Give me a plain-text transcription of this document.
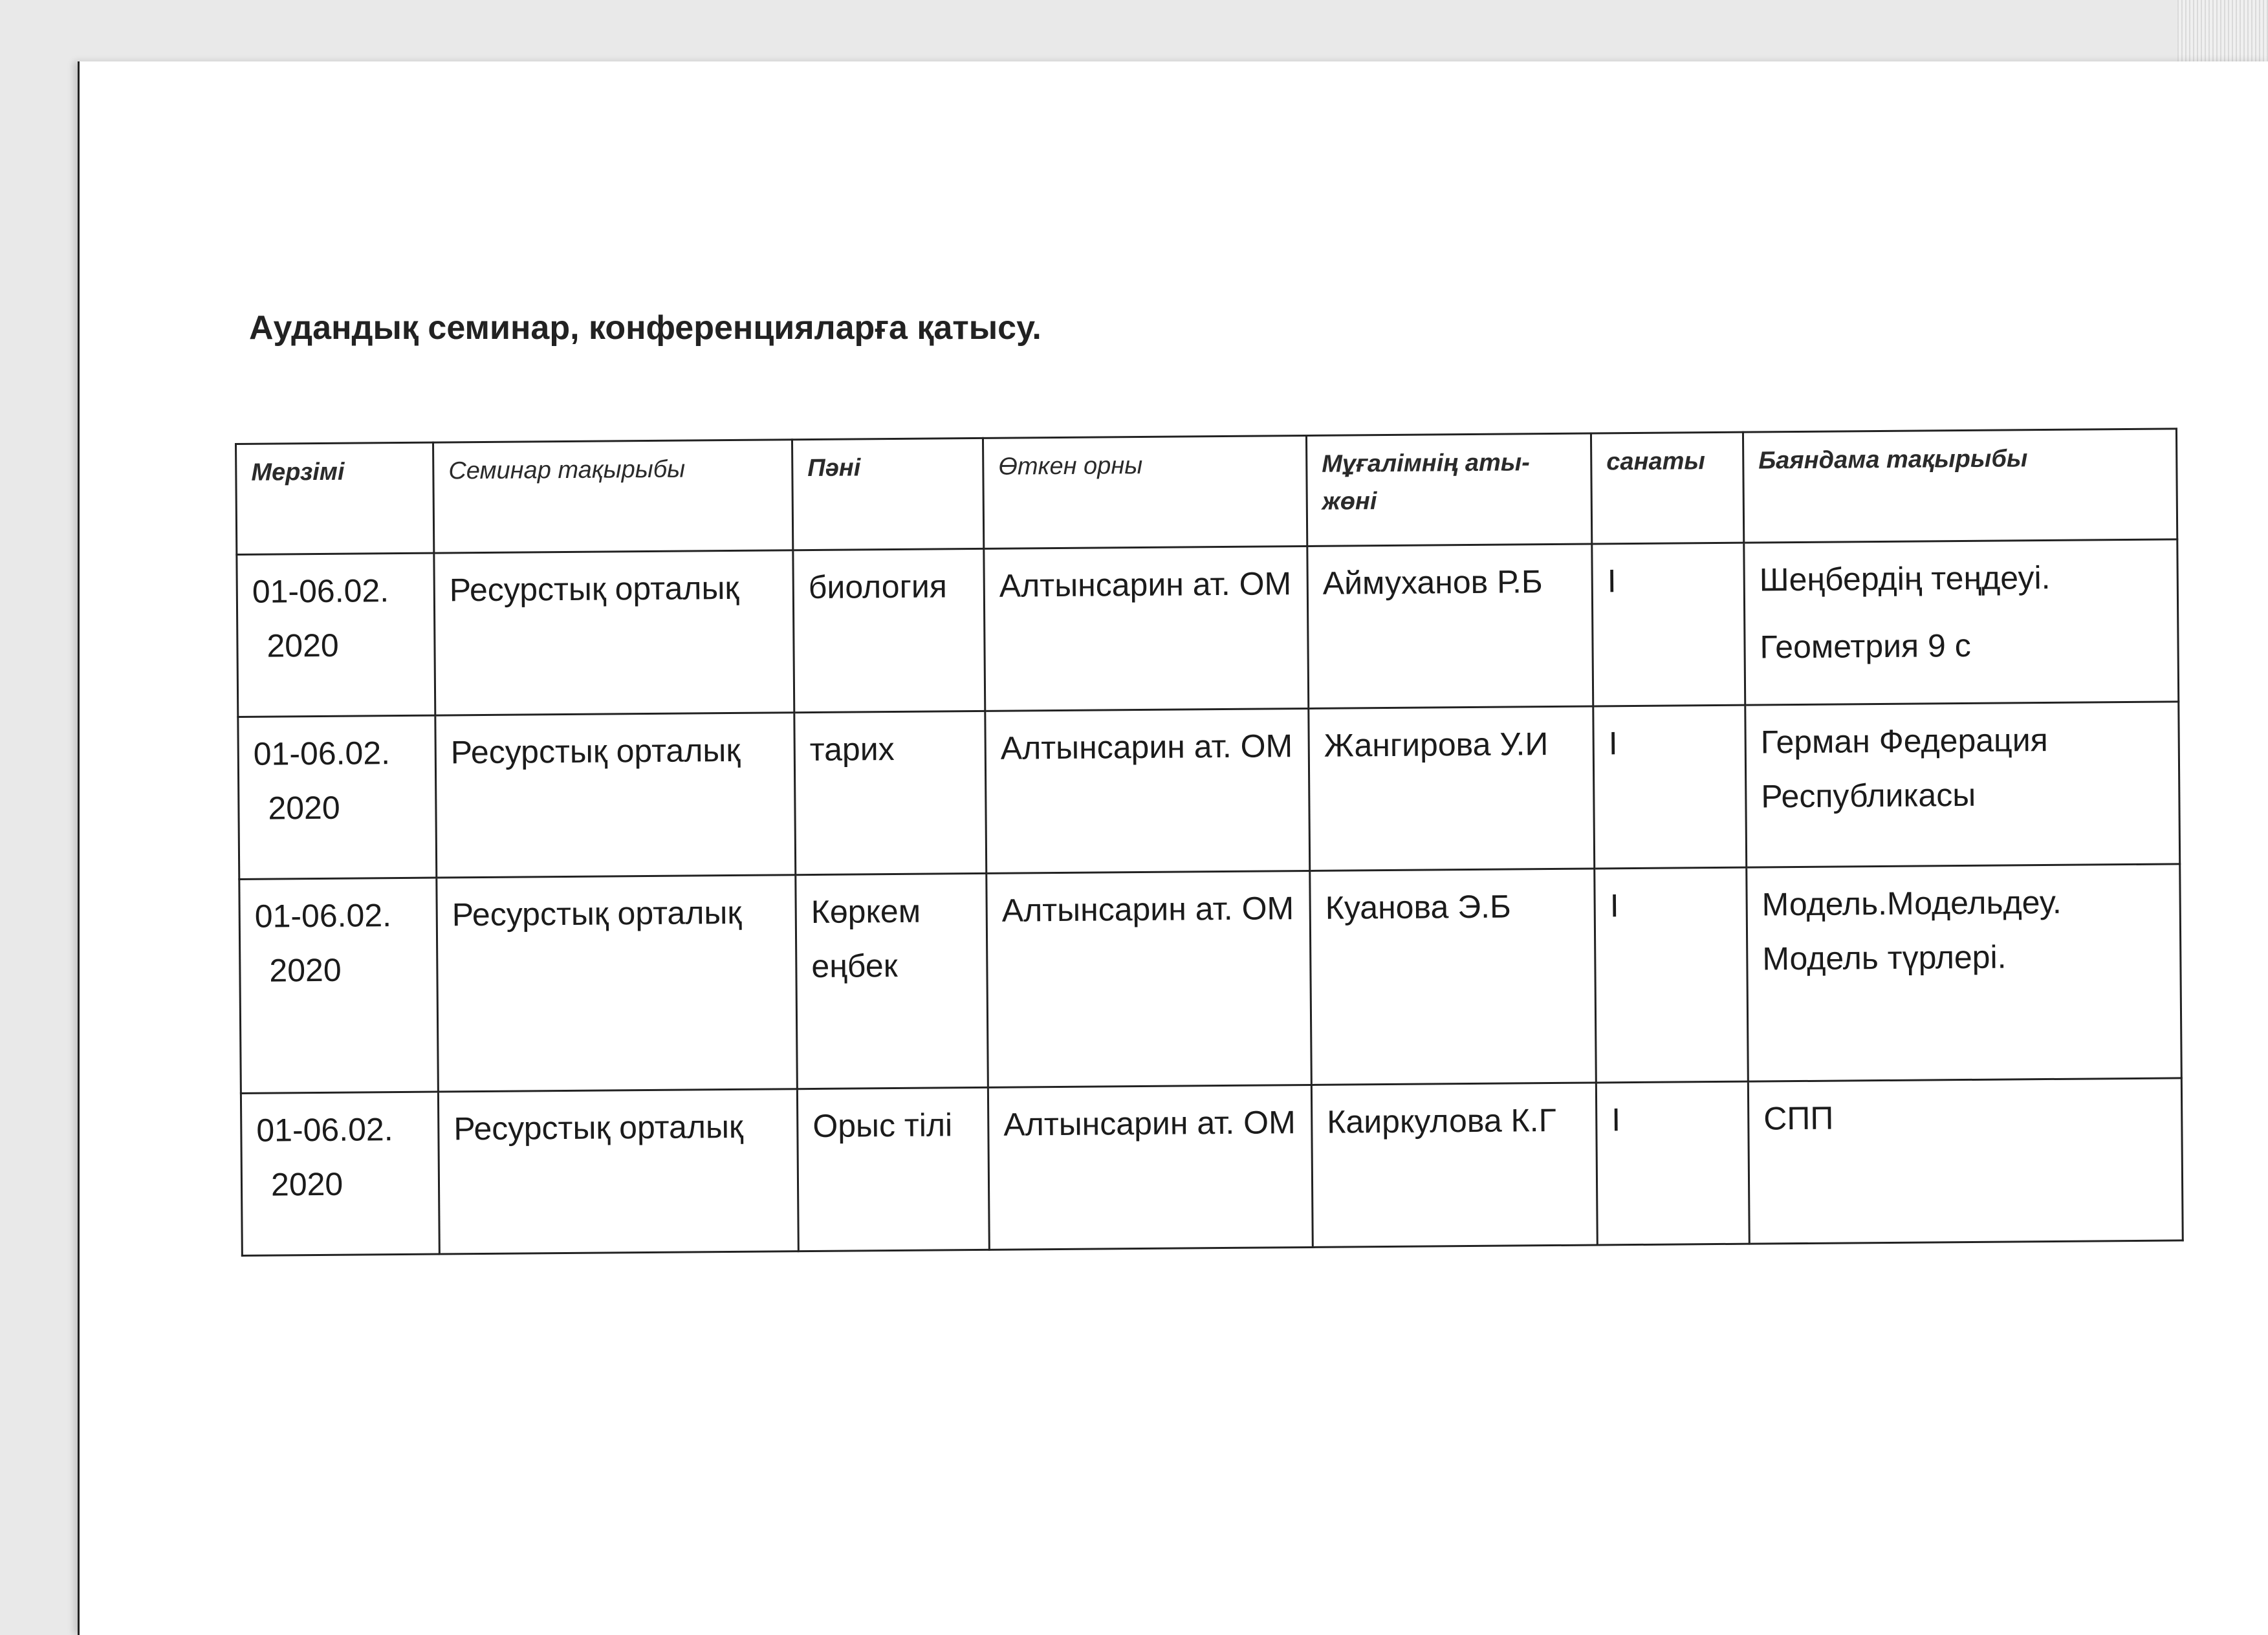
Аудандық семинар, конференцияларға қатысу.
Мерзімі	Семинар тақырыбы	Пәні	Өткен орны	Мұғалімнің аты-жөні	санаты	Баяндама тақырыбы

01-06.02.
2020	Ресурстық орталық	биология	Алтынсарин ат. ОМ	Аймуханов Р.Б	I	Шеңбердің теңдеуі.
Геометрия 9 с

01-06.02.
2020	Ресурстық орталық	тарих	Алтынсарин ат. ОМ	Жангирова У.И	I	Герман Федерация Республикасы

01-06.02.
2020	Ресурстық орталық	Көркем еңбек	Алтынсарин ат. ОМ	Куанова Э.Б	I	Модель.Модельдеу. Модель түрлері.

01-06.02.
2020	Ресурстық орталық	Орыс тілі	Алтынсарин ат. ОМ	Каиркулова К.Г	I	СПП
